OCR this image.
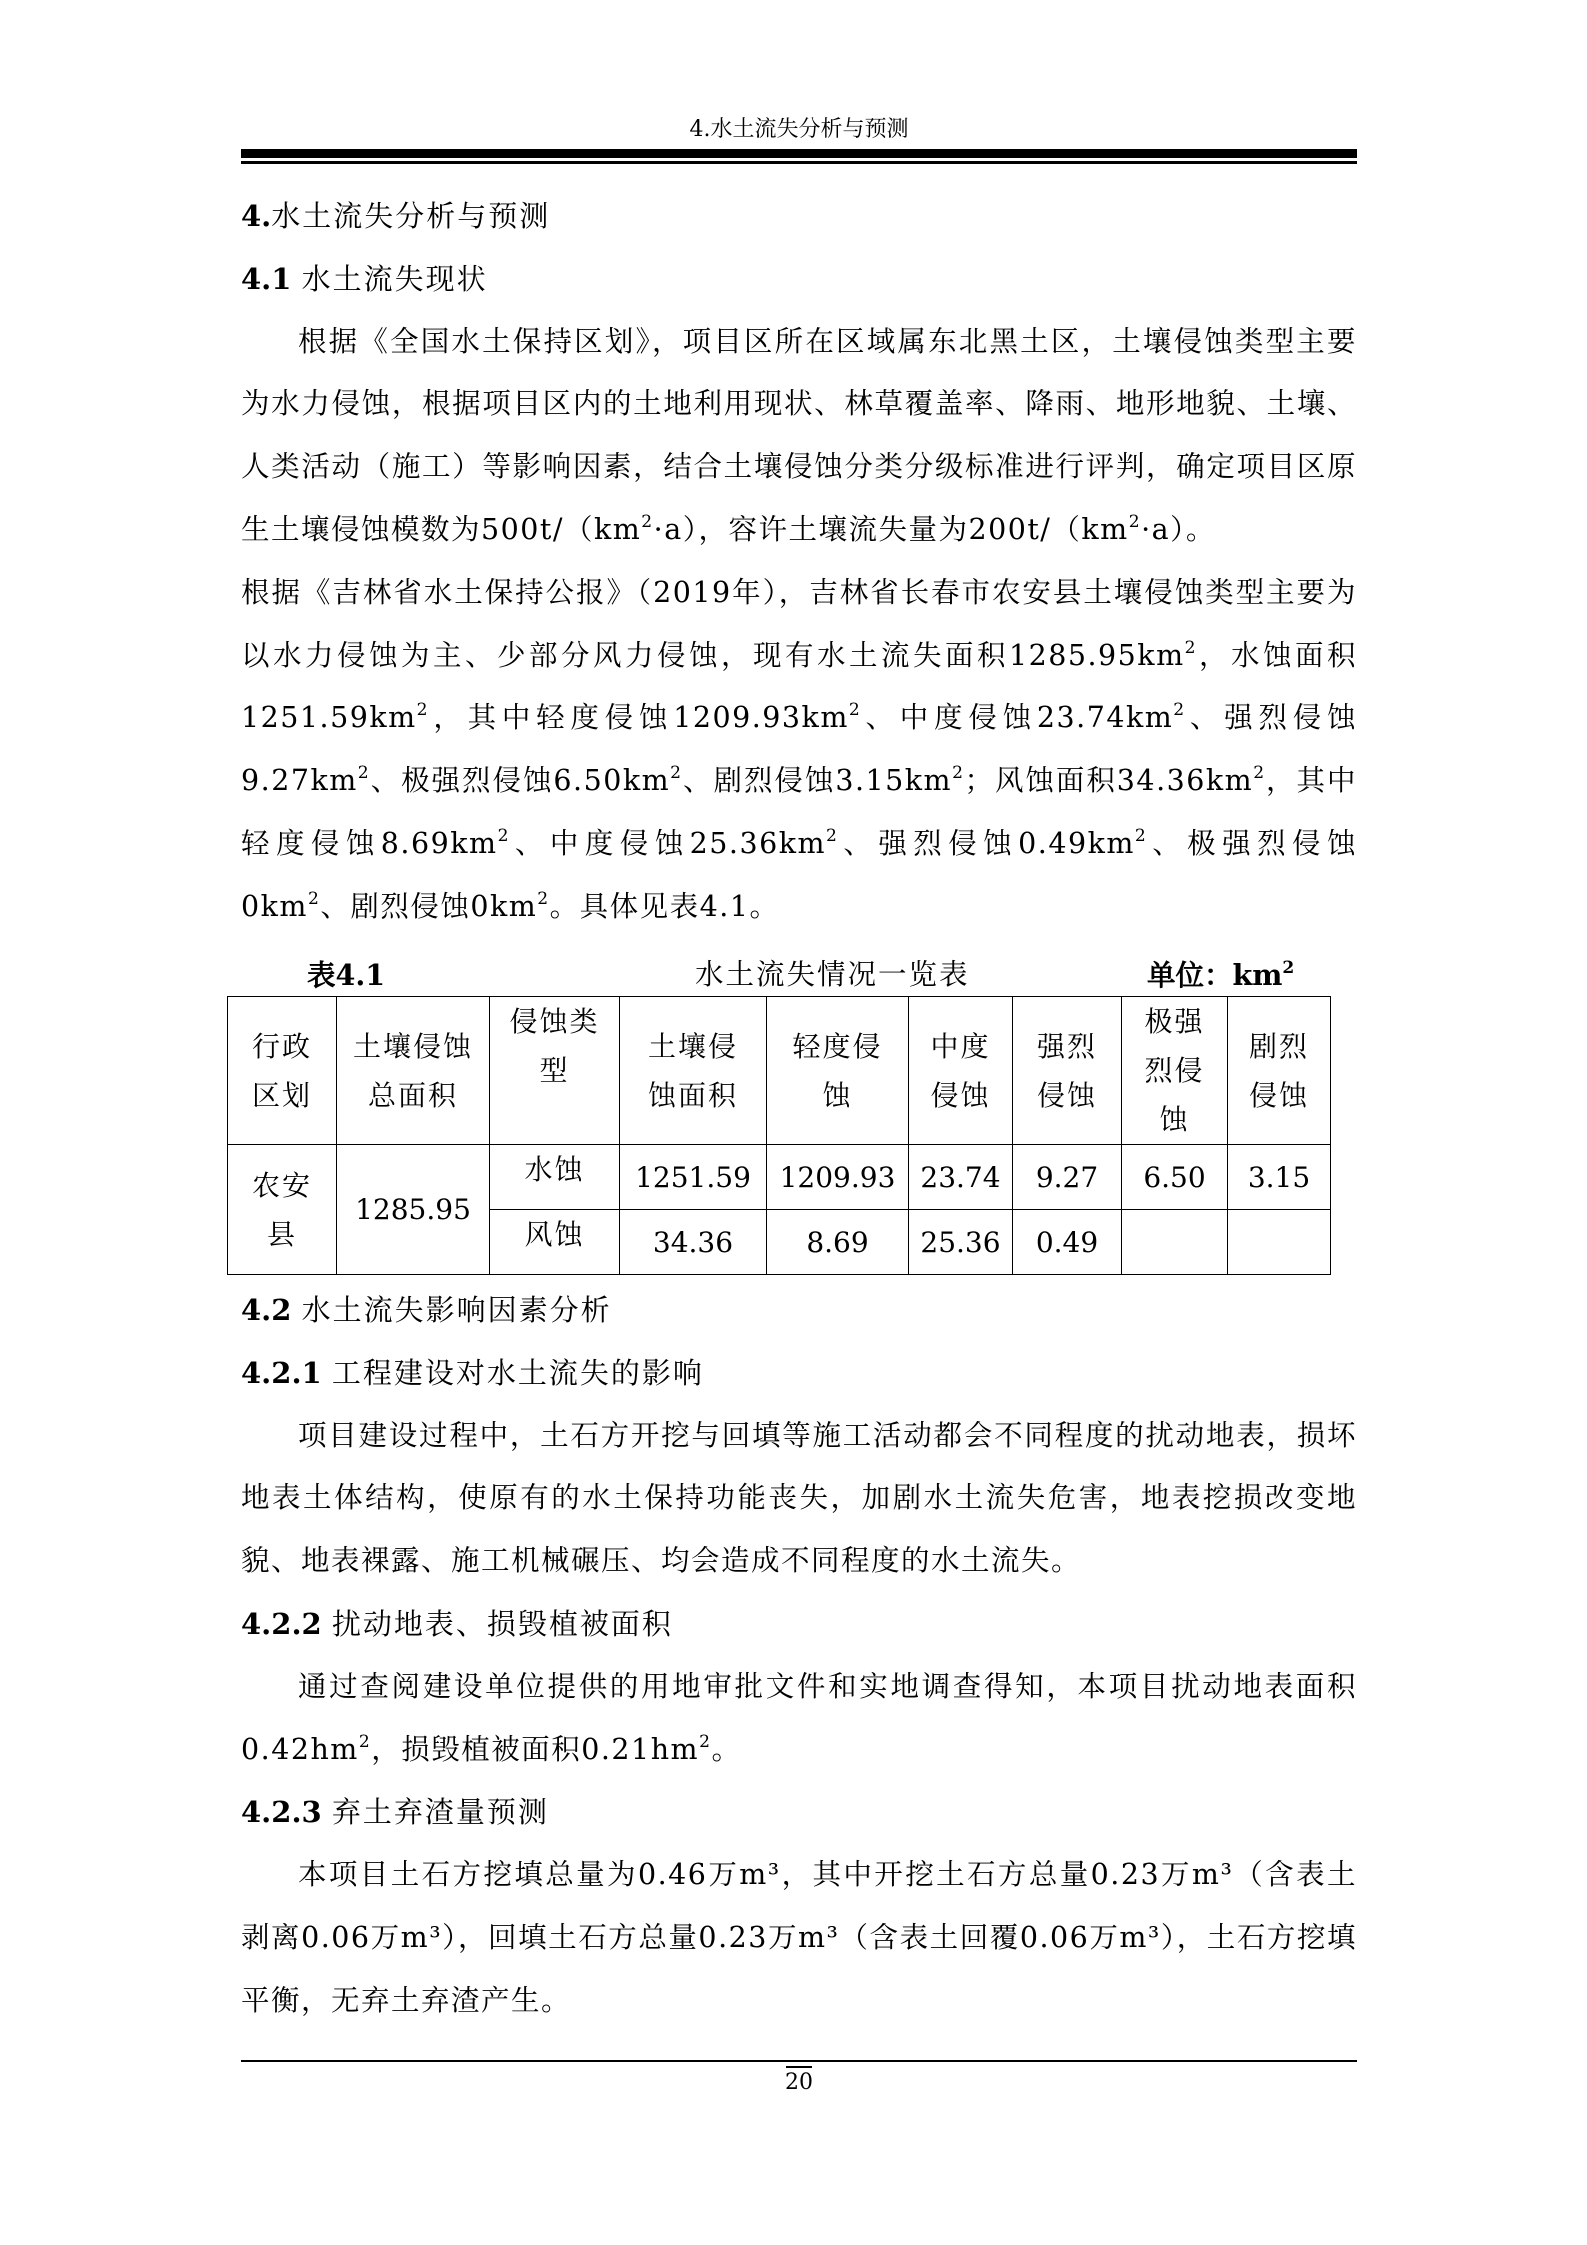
4.水土流失分析与预测
4.水土流失分析与预测
4.1 水土流失现状

根据《全国水土保持区划》，项目区所在区域属东北黑土区，土壤侵蚀类型主要为水力侵蚀，根据项目区内的土地利用现状、林草覆盖率、降雨、地形地貌、土壤、人类活动（施工）等影响因素，结合土壤侵蚀分类分级标准进行评判，确定项目区原生土壤侵蚀模数为$500t/(km^2\cdot a)$，容许土壤流失量为$200t/(km^2\cdot a)$。

根据《吉林省水土保持公报》（2019年），吉林省长春市农安县土壤侵蚀类型主要为以水力侵蚀为主、少部分风力侵蚀，现有水土流失面积$1285.95km^2$，水蚀面积$1251.59km^2$，其中轻度侵蚀$1209.93km^2$、中度侵蚀$23.74km^2$、强烈侵蚀$9.27km^2$、极强烈侵蚀$6.50km^2$、剧烈侵蚀$3.15km^2$；风蚀面积$34.36km^2$，其中轻度侵蚀$8.69km^2$、中度侵蚀$25.36km^2$、强烈侵蚀$0.49km^2$、极强烈侵蚀$0km^2$、剧烈侵蚀$0km^2$。具体见表4.1。

表4.1	水土流失情况一览表	单位：$km^2$
行政区划	土壤侵蚀总面积	侵蚀类型	土壤侵蚀面积	轻度侵蚀	中度侵蚀	强烈侵蚀	极强烈侵蚀	剧烈侵蚀
农安县	1285.95	水蚀	1251.59	1209.93	23.74	9.27	6.50	3.15
		风蚀	34.36	8.69	25.36	0.49		
4.2 水土流失影响因素分析
4.2.1 工程建设对水土流失的影响

项目建设过程中，土石方开挖与回填等施工活动都会不同程度的扰动地表，损坏地表土体结构，使原有的水土保持功能丧失，加剧水土流失危害，地表挖损改变地貌、地表裸露、施工机械碾压、均会造成不同程度的水土流失。

4.2.2 扰动地表、损毁植被面积

通过查阅建设单位提供的用地审批文件和实地调查得知，本项目扰动地表面积$0.42hm^2$，损毁植被面积$0.21hm^2$。

4.2.3 弃土弃渣量预测

本项目土石方挖填总量为0.46万m³，其中开挖土石方总量0.23万m³（含表土剥离0.06万m³），回填土石方总量0.23万m³（含表土回覆0.06万m³），土石方挖填平衡，无弃土弃渣产生。

20
